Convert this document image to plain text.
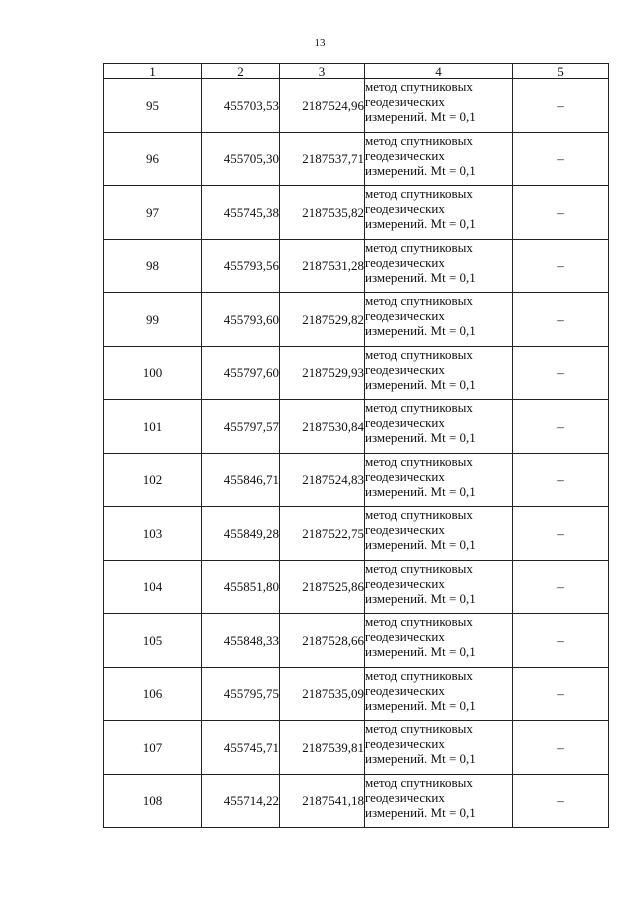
13
1	2	3	4	5
95	455703,53	2187524,96	метод спутниковых
геодезических
измерений. Mt = 0,1	–
96	455705,30	2187537,71	метод спутниковых
геодезических
измерений. Mt = 0,1	–
97	455745,38	2187535,82	метод спутниковых
геодезических
измерений. Mt = 0,1	–
98	455793,56	2187531,28	метод спутниковых
геодезических
измерений. Mt = 0,1	–
99	455793,60	2187529,82	метод спутниковых
геодезических
измерений. Mt = 0,1	–
100	455797,60	2187529,93	метод спутниковых
геодезических
измерений. Mt = 0,1	–
101	455797,57	2187530,84	метод спутниковых
геодезических
измерений. Mt = 0,1	–
102	455846,71	2187524,83	метод спутниковых
геодезических
измерений. Mt = 0,1	–
103	455849,28	2187522,75	метод спутниковых
геодезических
измерений. Mt = 0,1	–
104	455851,80	2187525,86	метод спутниковых
геодезических
измерений. Mt = 0,1	–
105	455848,33	2187528,66	метод спутниковых
геодезических
измерений. Mt = 0,1	–
106	455795,75	2187535,09	метод спутниковых
геодезических
измерений. Mt = 0,1	–
107	455745,71	2187539,81	метод спутниковых
геодезических
измерений. Mt = 0,1	–
108	455714,22	2187541,18	метод спутниковых
геодезических
измерений. Mt = 0,1	–
